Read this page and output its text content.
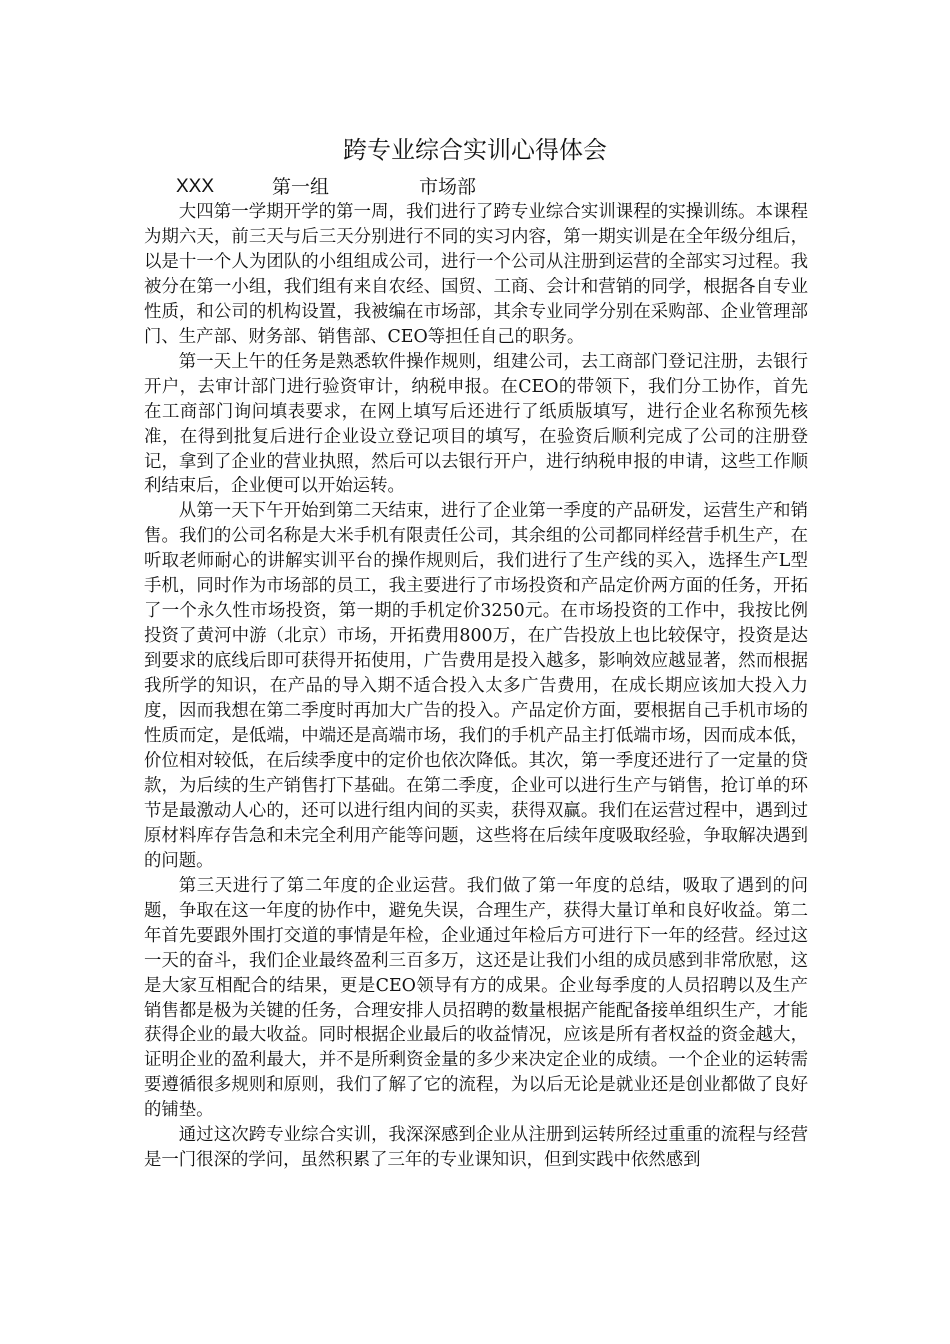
跨专业综合实训心得体会
XXX	第一组	市场部

大四第一学期开学的第一周，我们进行了跨专业综合实训课程的实操训练。本课程为期六天，前三天与后三天分别进行不同的实习内容，第一期实训是在全年级分组后，以是十一个人为团队的小组组成公司，进行一个公司从注册到运营的全部实习过程。我被分在第一小组，我们组有来自农经、国贸、工商、会计和营销的同学，根据各自专业性质，和公司的机构设置，我被编在市场部，其余专业同学分别在采购部、企业管理部门、生产部、财务部、销售部、CEO等担任自己的职务。

第一天上午的任务是熟悉软件操作规则，组建公司，去工商部门登记注册，去银行开户，去审计部门进行验资审计，纳税申报。在CEO的带领下，我们分工协作，首先在工商部门询问填表要求，在网上填写后还进行了纸质版填写，进行企业名称预先核准，在得到批复后进行企业设立登记项目的填写，在验资后顺利完成了公司的注册登记，拿到了企业的营业执照，然后可以去银行开户，进行纳税申报的申请，这些工作顺利结束后，企业便可以开始运转。

从第一天下午开始到第二天结束，进行了企业第一季度的产品研发，运营生产和销售。我们的公司名称是大米手机有限责任公司，其余组的公司都同样经营手机生产，在听取老师耐心的讲解实训平台的操作规则后，我们进行了生产线的买入，选择生产L型手机，同时作为市场部的员工，我主要进行了市场投资和产品定价两方面的任务，开拓了一个永久性市场投资，第一期的手机定价3250元。在市场投资的工作中，我按比例投资了黄河中游（北京）市场，开拓费用800万，在广告投放上也比较保守，投资是达到要求的底线后即可获得开拓使用，广告费用是投入越多，影响效应越显著，然而根据我所学的知识，在产品的导入期不适合投入太多广告费用，在成长期应该加大投入力度，因而我想在第二季度时再加大广告的投入。产品定价方面，要根据自己手机市场的性质而定，是低端，中端还是高端市场，我们的手机产品主打低端市场，因而成本低，价位相对较低，在后续季度中的定价也依次降低。其次，第一季度还进行了一定量的贷款，为后续的生产销售打下基础。在第二季度，企业可以进行生产与销售，抢订单的环节是最激动人心的，还可以进行组内间的买卖，获得双赢。我们在运营过程中，遇到过原材料库存告急和未完全利用产能等问题，这些将在后续年度吸取经验，争取解决遇到的问题。

第三天进行了第二年度的企业运营。我们做了第一年度的总结，吸取了遇到的问题，争取在这一年度的协作中，避免失误，合理生产，获得大量订单和良好收益。第二年首先要跟外围打交道的事情是年检，企业通过年检后方可进行下一年的经营。经过这一天的奋斗，我们企业最终盈利三百多万，这还是让我们小组的成员感到非常欣慰，这是大家互相配合的结果，更是CEO领导有方的成果。企业每季度的人员招聘以及生产销售都是极为关键的任务，合理安排人员招聘的数量根据产能配备接单组织生产，才能获得企业的最大收益。同时根据企业最后的收益情况，应该是所有者权益的资金越大，证明企业的盈利最大，并不是所剩资金量的多少来决定企业的成绩。一个企业的运转需要遵循很多规则和原则，我们了解了它的流程，为以后无论是就业还是创业都做了良好的铺垫。

通过这次跨专业综合实训，我深深感到企业从注册到运转所经过重重的流程与经营是一门很深的学问，虽然积累了三年的专业课知识，但到实践中依然感到
